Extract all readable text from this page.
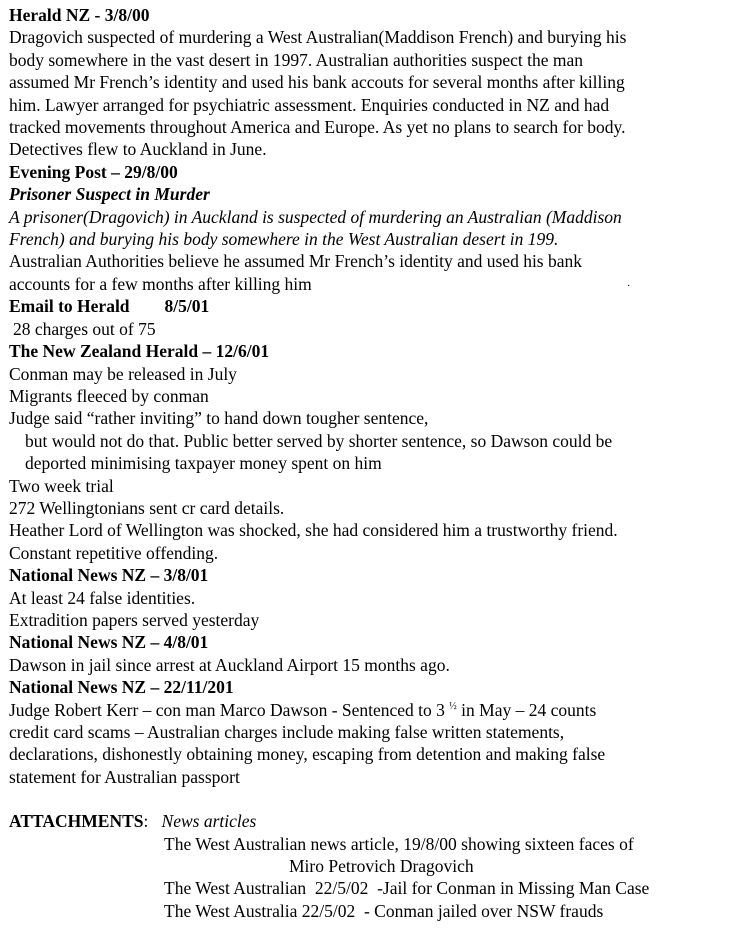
Herald NZ - 3/8/00
Dragovich suspected of murdering a West Australian(Maddison French) and burying his
body somewhere in the vast desert in 1997. Australian authorities suspect the man
assumed Mr French’s identity and used his bank accouts for several months after killing
him. Lawyer arranged for psychiatric assessment. Enquiries conducted in NZ and had
tracked movements throughout America and Europe. As yet no plans to search for body.
Detectives flew to Auckland in June.
Evening Post – 29/8/00
Prisoner Suspect in Murder
A prisoner(Dragovich) in Auckland is suspected of murdering an Australian (Maddison
French) and burying his body somewhere in the West Australian desert in 199.
Australian Authorities believe he assumed Mr French’s identity and used his bank
accounts for a few months after killing him	·
Email to Herald        8/5/01
28 charges out of 75
The New Zealand Herald – 12/6/01
Conman may be released in July
Migrants fleeced by conman
Judge said “rather inviting” to hand down tougher sentence,
but would not do that. Public better served by shorter sentence, so Dawson could be
deported minimising taxpayer money spent on him
Two week trial
272 Wellingtonians sent cr card details.
Heather Lord of Wellington was shocked, she had considered him a trustworthy friend.
Constant repetitive offending.
National News NZ – 3/8/01
At least 24 false identities.
Extradition papers served yesterday
National News NZ – 4/8/01
Dawson in jail since arrest at Auckland Airport 15 months ago.
National News NZ – 22/11/201
Judge Robert Kerr – con man Marco Dawson - Sentenced to 3 $^{\frac{1}{2}}$ in May – 24 counts
credit card scams – Australian charges include making false written statements,
declarations, dishonestly obtaining money, escaping from detention and making false
statement for Australian passport
ATTACHMENTS: News articles
The West Australian news article, 19/8/00 showing sixteen faces of
Miro Petrovich Dragovich
The West Australian  22/5/02  -Jail for Conman in Missing Man Case
The West Australia 22/5/02  - Conman jailed over NSW frauds
